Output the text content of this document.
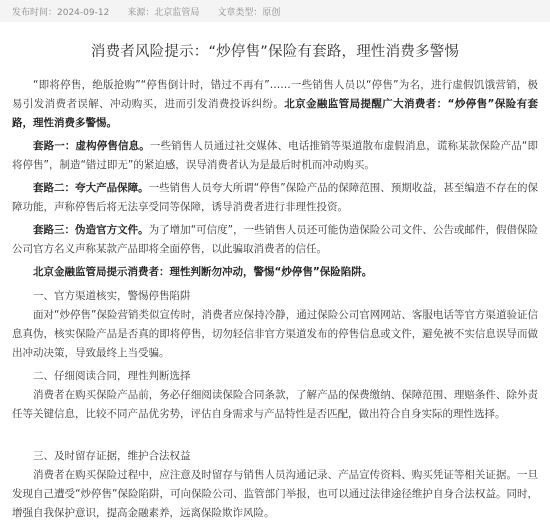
发布时间：2024-09-12 来源：北京监管局 文章类型：原创
消费者风险提示：“炒停售”保险有套路，理性消费多警惕

“即将停售，绝版抢购”“停售倒计时，错过不再有”……一些销售人员以“停售”为名，进行虚假饥饿营销，极易引发消费者误解、冲动购买，进而引发消费投诉纠纷。北京金融监管局提醒广大消费者：“炒停售”保险有套路，理性消费多警惕。

套路一：虚构停售信息。一些销售人员通过社交媒体、电话推销等渠道散布虚假消息，谎称某款保险产品“即将停售”，制造“错过即无”的紧迫感，误导消费者认为是最后时机而冲动购买。

套路二：夸大产品保障。一些销售人员夸大所谓“停售”保险产品的保障范围、预期收益，甚至编造不存在的保障功能，声称停售后将无法享受同等保障，诱导消费者进行非理性投资。

套路三：伪造官方文件。为了增加“可信度”，一些销售人员还可能伪造保险公司文件、公告或邮件，假借保险公司官方名义声称某款产品即将全面停售，以此骗取消费者的信任。

北京金融监管局提示消费者：理性判断勿冲动，警惕“炒停售”保险陷阱。

一、官方渠道核实，警惕停售陷阱

面对“炒停售”保险营销类似宣传时，消费者应保持冷静，通过保险公司官网网站、客服电话等官方渠道验证信息真伪，核实保险产品是否真的即将停售，切勿轻信非官方渠道发布的停售信息或文件，避免被不实信息误导而做出冲动决策，导致最终上当受骗。

二、仔细阅读合同，理性判断选择

消费者在购买保险产品前，务必仔细阅读保险合同条款，了解产品的保费缴纳、保障范围、理赔条件、除外责任等关键信息，比较不同产品优劣势，评估自身需求与产品特性是否匹配，做出符合自身实际的理性选择。

三、及时留存证据，维护合法权益

消费者在购买保险过程中，应注意及时留存与销售人员沟通记录、产品宣传资料、购买凭证等相关证据。一旦发现自己遭受“炒停售”保险陷阱，可向保险公司、监管部门举报，也可以通过法律途径维护自身合法权益。同时，增强自我保护意识，提高金融素养，远离保险欺诈风险。
